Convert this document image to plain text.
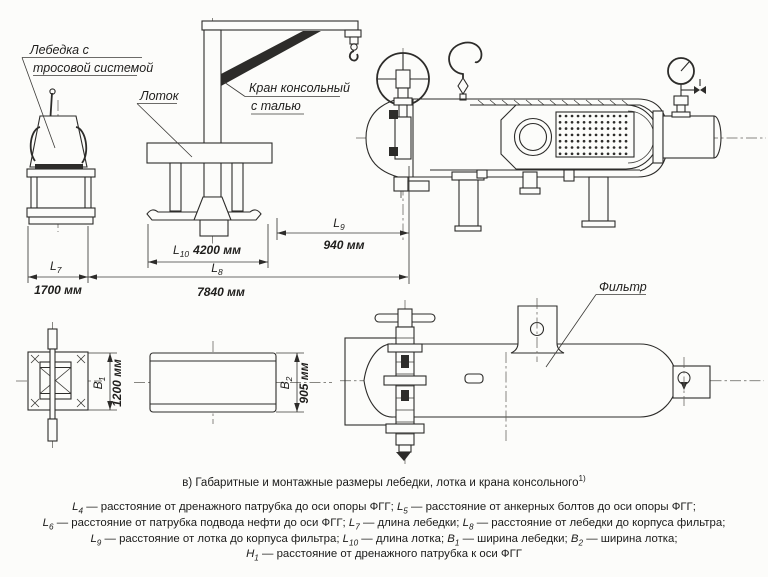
Лебедка с
тросовой системой
Лоток
Кран консольный
с талью
$L_7$
1700 мм
$L_8$
7840 мм
$L_9$
940 мм
$L_{10}$ 4200 мм
$B_1$ 1200 мм	$B_2$ 905 мм
Фильтр
в) Габаритные и монтажные размеры лебедки, лотка и крана консольного$^{1)}$
$L_4$ — расстояние от дренажного патрубка до оси опоры ФГГ; $L_5$ — расстояние от анкерных болтов до оси опоры ФГГ;
$L_6$ — расстояние от патрубка подвода нефти до оси ФГГ; $L_7$ — длина лебедки; $L_8$ — расстояние от лебедки до корпуса фильтра;
$L_9$ — расстояние от лотка до корпуса фильтра; $L_{10}$ — длина лотка; $B_1$ — ширина лебедки; $B_2$ — ширина лотка;
$H_1$ — расстояние от дренажного патрубка к оси ФГГ
